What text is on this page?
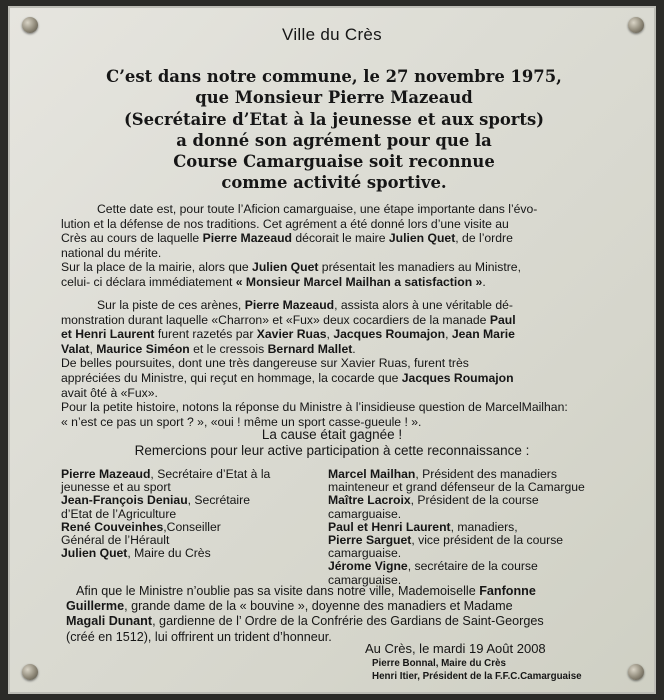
Ville du Crès
C’est dans notre commune, le 27 novembre 1975,
que Monsieur Pierre Mazeaud
(Secrétaire d’Etat à la jeunesse et aux sports)
a donné son agrément pour que la
Course Camarguaise soit reconnue
comme activité sportive.
Cette date est, pour toute l’Aficion camarguaise, une étape importante dans l’évo-
lution et la défense de nos traditions. Cet agrément a été donné lors d’une visite au
Crès au cours de laquelle Pierre Mazeaud décorait le maire Julien Quet, de l’ordre
national du mérite.
Sur la place de la mairie, alors que Julien Quet présentait les manadiers au Ministre,
celui- ci déclara immédiatement « Monsieur Marcel Mailhan a satisfaction ».
Sur la piste de ces arènes, Pierre Mazeaud, assista alors à une véritable dé-
monstration durant laquelle «Charron» et «Fux» deux cocardiers de la manade Paul
et Henri Laurent furent razetés par Xavier Ruas, Jacques Roumajon, Jean Marie
Valat, Maurice Siméon et le cressois Bernard Mallet.
De belles poursuites, dont une très dangereuse sur Xavier Ruas, furent très
appréciées du Ministre, qui reçut en hommage, la cocarde que Jacques Roumajon
avait ôté à «Fux».
Pour la petite histoire, notons la réponse du Ministre à l’insidieuse question de MarcelMailhan:
« n’est ce pas un sport ? », «oui ! même un sport casse-gueule ! ».
La cause était gagnée !
Remercions pour leur active participation à cette reconnaissance :
Pierre Mazeaud, Secrétaire d’Etat à la
jeunesse et au sport
Jean-François Deniau, Secrétaire
d’Etat de l’Agriculture
René Couveinhes,Conseiller
Général de l’Hérault
Julien Quet, Maire du Crès
Marcel Mailhan, Président des manadiers
mainteneur et grand défenseur de la Camargue
Maître Lacroix, Président de la course
camarguaise.
Paul et Henri Laurent, manadiers,
Pierre Sarguet, vice président de la course
camarguaise.
Jérome Vigne, secrétaire de la course
camarguaise.
Afin que le Ministre n’oublie pas sa visite dans notre ville, Mademoiselle Fanfonne
Guillerme, grande dame de la « bouvine », doyenne des manadiers et Madame
Magali Dunant, gardienne de l’ Ordre de la Confrérie des Gardians de Saint-Georges
(créé en 1512), lui offrirent un trident d’honneur.
Au Crès, le mardi 19 Août 2008
Pierre Bonnal, Maire du Crès
Henri Itier, Président de la F.F.C.Camarguaise
